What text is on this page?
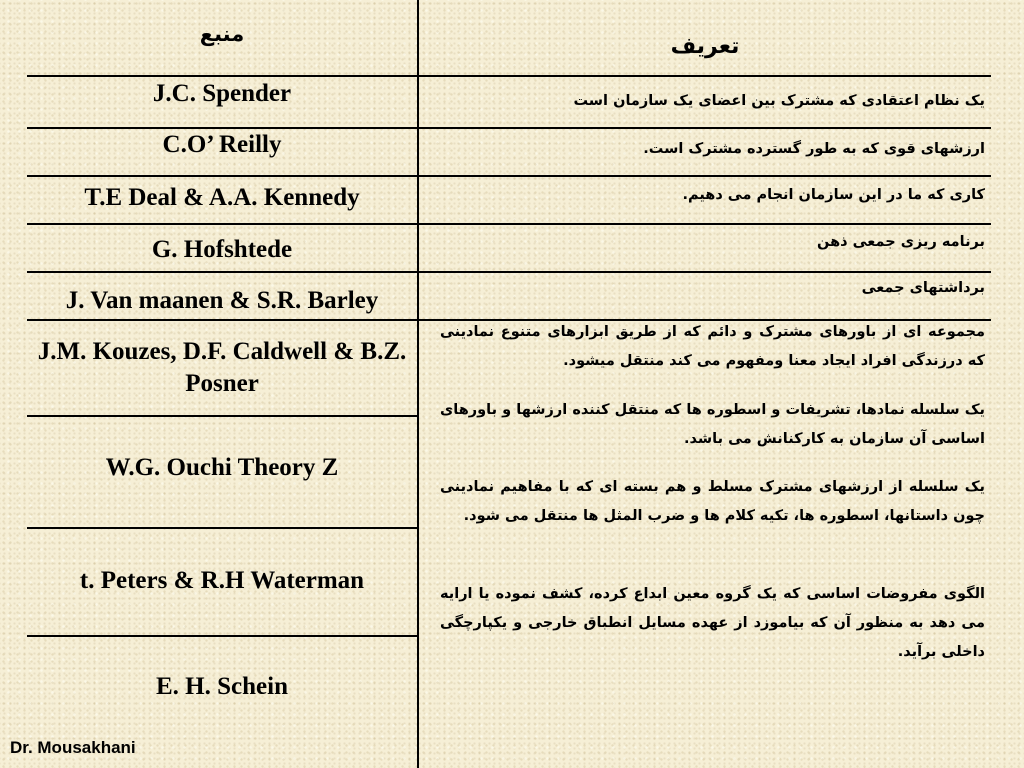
منبع	تعریف
J.C. Spender
C.O’ Reilly
T.E Deal & A.A. Kennedy
G. Hofshtede
J. Van maanen & S.R. Barley
J.M. Kouzes, D.F. Caldwell & B.Z. Posner
W.G. Ouchi Theory Z
t. Peters & R.H Waterman
E. H. Schein
یک نظام اعتقادی که مشترک بین اعضای یک سازمان است
ارزشهای قوی که به طور گسترده مشترک است.
کاری که ما در این سازمان انجام می دهیم.
برنامه ریزی جمعی ذهن
برداشتهای جمعی
مجموعه ای از باورهای مشترک و دائم که از طریق ابزارهای متنوع نمادینی که درزندگی افراد ایجاد معنا ومفهوم می کند منتقل میشود.
یک سلسله نمادها، تشریفات و اسطوره ها که منتقل کننده ارزشها و باورهای اساسی آن سازمان به کارکنانش می باشد.
یک سلسله از ارزشهای مشترک مسلط و هم بسته ای که با مفاهیم نمادینی چون داستانها، اسطوره ها، تکیه کلام ها و ضرب المثل ها منتقل می شود.
الگوی مفروضات اساسی که یک گروه معین ابداع کرده، کشف نموده یا ارایه می دهد به منظور آن که بیاموزد از عهده مسایل انطباق خارجی و یکپارچگی داخلی برآید.
Dr. Mousakhani
